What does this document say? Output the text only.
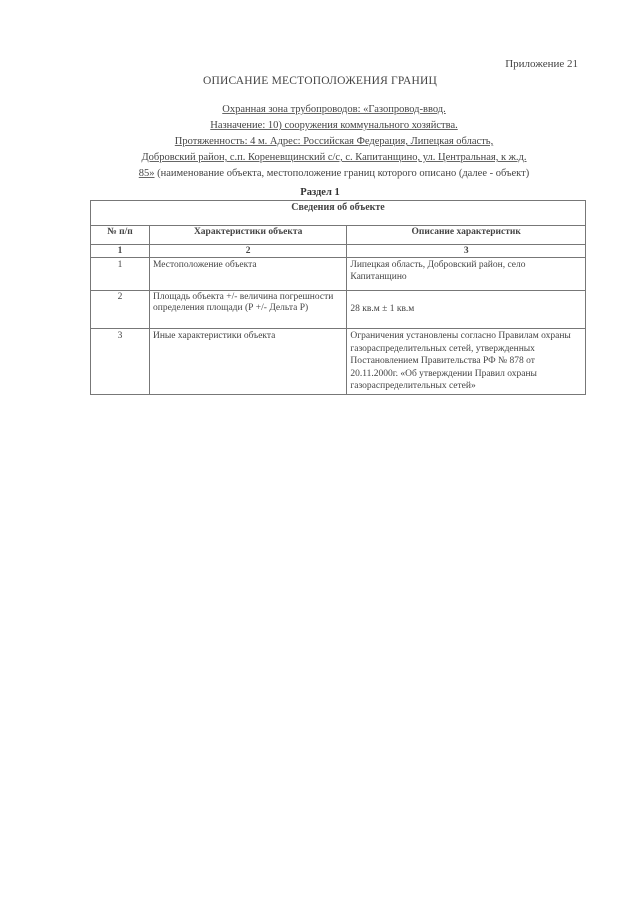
Приложение 21
ОПИСАНИЕ МЕСТОПОЛОЖЕНИЯ ГРАНИЦ
Охранная зона трубопроводов: «Газопровод-ввод.
Назначение: 10) сооружения коммунального хозяйства.
Протяженность: 4 м. Адрес: Российская Федерация, Липецкая область,
Добровский район, с.п. Кореневщинский с/с, с. Капитанщино, ул. Центральная, к ж.д.
85» (наименование объекта, местоположение границ которого описано (далее - объект)
Раздел 1
Сведения об объекте		
№ п/п	Характеристики объекта	Описание характеристик
1	2	3
1	Местоположение объекта	Липецкая область, Добровский район, село Капитанщино
2	Площадь объекта +/- величина погрешности определения площади (Р +/- Дельта Р)	28 кв.м ± 1 кв.м
3	Иные характеристики объекта	Ограничения установлены согласно Правилам охраны газораспределительных сетей, утвержденных Постановлением Правительства РФ № 878 от 20.11.2000г. «Об утверждении Правил охраны газораспределительных сетей»
